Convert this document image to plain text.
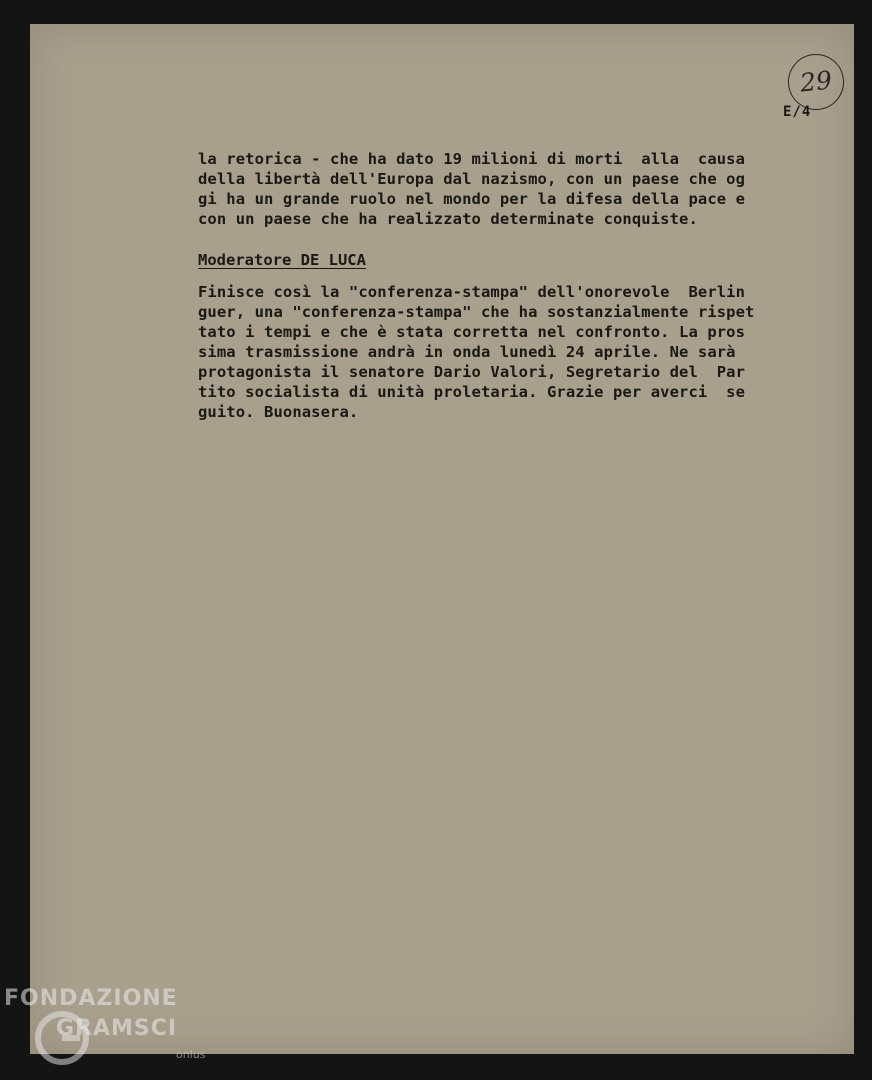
29
E/4
la retorica - che ha dato 19 milioni di morti  alla  causa
della libertà dell'Europa dal nazismo, con un paese che og
gi ha un grande ruolo nel mondo per la difesa della pace e
con un paese che ha realizzato determinate conquiste.
Moderatore DE LUCA
Finisce così la "conferenza-stampa" dell'onorevole  Berlin
guer, una "conferenza-stampa" che ha sostanzialmente rispet
tato i tempi e che è stata corretta nel confronto. La pros
sima trasmissione andrà in onda lunedì 24 aprile. Ne sarà
protagonista il senatore Dario Valori, Segretario del  Par
tito socialista di unità proletaria. Grazie per averci  se
guito. Buonasera.
FONDAZIONE
GRAMSCI
onlus
